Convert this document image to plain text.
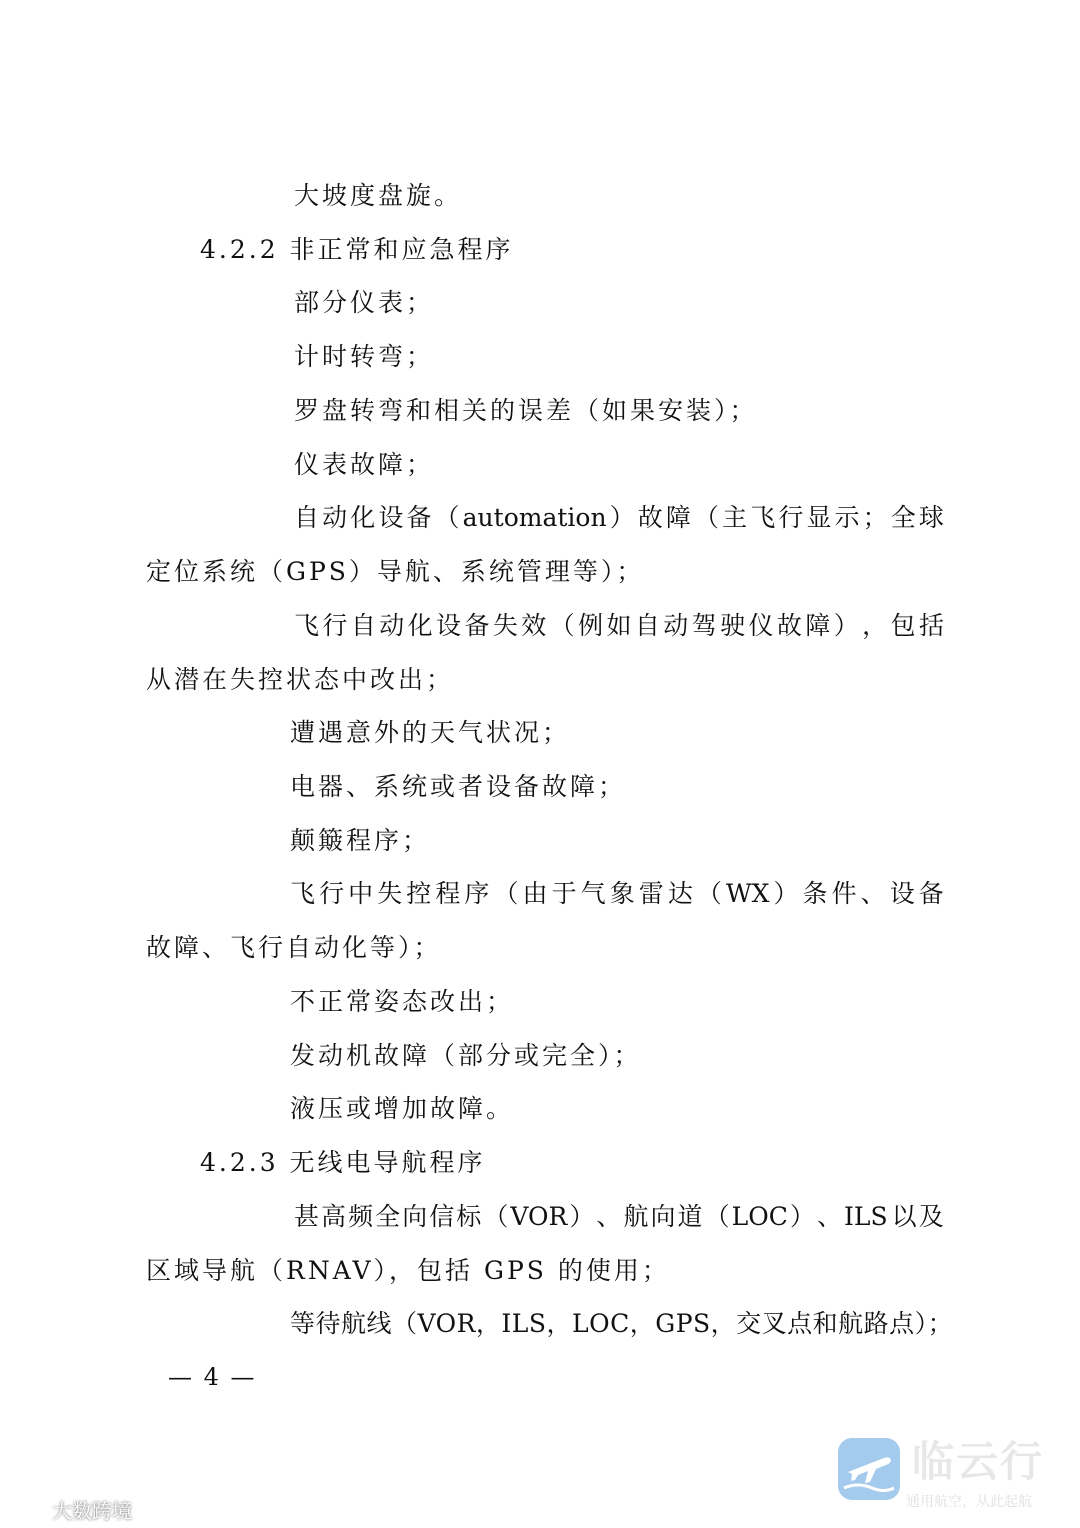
大坡度盘旋。
4.2.2 非正常和应急程序
部分仪表；
计时转弯；
罗盘转弯和相关的误差（如果安装）；
仪表故障；
自 动 化 设 备 （ automation ） 故 障 （ 主 飞 行 显 示 ； 全 球
定位系统（GPS）导航、系统管理等）；
飞 行 自 动 化 设 备 失 效 （ 例 如 自 动 驾 驶 仪 故 障 ） ， 包 括
从潜在失控状态中改出；
遭遇意外的天气状况；
电器、系统或者设备故障；
颠簸程序；
飞 行 中 失 控 程 序 （ 由 于 气 象 雷 达 （ WX ） 条 件 、 设 备
故障、飞行自动化等）；
不正常姿态改出；
发动机故障（部分或完全）；
液压或增加故障。
4.2.3 无线电导航程序
甚 高 频 全 向 信 标 （ VOR ） 、 航 向 道 （ LOC ） 、 ILS 以 及
区域导航（RNAV），包括 GPS 的使用；
等待航线（VOR，ILS，LOC，GPS，交叉点和航路点）；
— 4 —
大数跨境
临云行
通用航空，从此起航
